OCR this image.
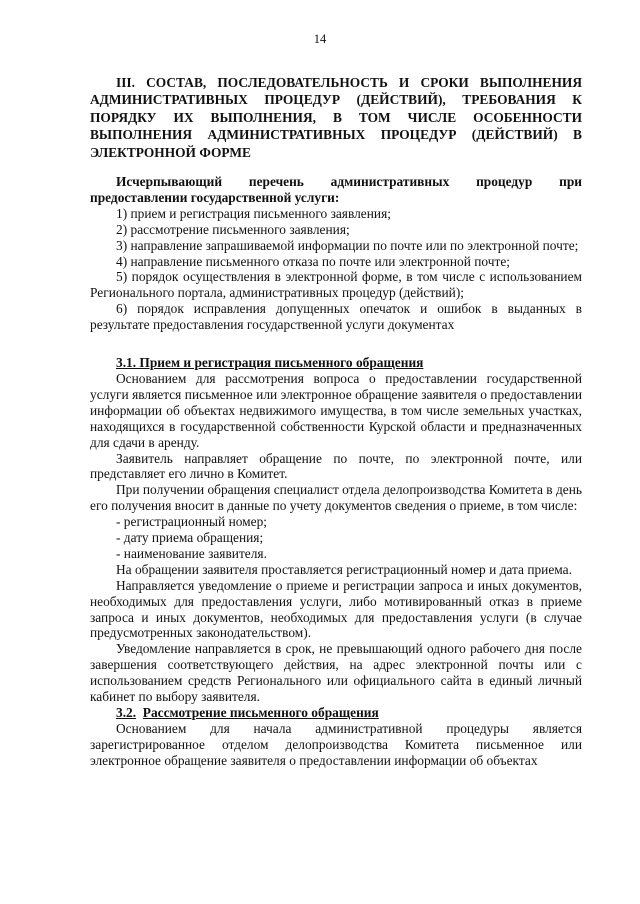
14
III. СОСТАВ, ПОСЛЕДОВАТЕЛЬНОСТЬ И СРОКИ ВЫПОЛНЕНИЯ АДМИНИСТРАТИВНЫХ ПРОЦЕДУР (ДЕЙСТВИЙ), ТРЕБОВАНИЯ К ПОРЯДКУ ИХ ВЫПОЛНЕНИЯ, В ТОМ ЧИСЛЕ ОСОБЕННОСТИ ВЫПОЛНЕНИЯ АДМИНИСТРАТИВНЫХ ПРОЦЕДУР (ДЕЙСТВИЙ) В ЭЛЕКТРОННОЙ ФОРМЕ

Исчерпывающий перечень административных процедур при предоставлении государственной услуги:

1) прием и регистрация письменного заявления;

2) рассмотрение письменного заявления;

3) направление запрашиваемой информации по почте или по электронной почте;

4) направление письменного отказа по почте или электронной почте;

5) порядок осуществления в электронной форме, в том числе с использованием Регионального портала, административных процедур (действий);

6) порядок исправления допущенных опечаток и ошибок в выданных в результате предоставления государственной услуги документах

3.1. Прием и регистрация письменного обращения

Основанием для рассмотрения вопроса о предоставлении государственной услуги является письменное или электронное обращение заявителя о предоставлении информации об объектах недвижимого имущества, в том числе земельных участках, находящихся в государственной собственности Курской области и предназначенных для сдачи в аренду.

Заявитель направляет обращение по почте, по электронной почте, или представляет его лично в Комитет.

При получении обращения специалист отдела делопроизводства Комитета в день его получения вносит в данные по учету документов сведения о приеме, в том числе:

- регистрационный номер;

- дату приема обращения;

- наименование заявителя.

На обращении заявителя проставляется регистрационный номер и дата приема.

Направляется уведомление о приеме и регистрации запроса и иных документов, необходимых для предоставления услуги, либо мотивированный отказ в приеме запроса и иных документов, необходимых для предоставления услуги (в случае предусмотренных законодательством).

Уведомление направляется в срок, не превышающий одного рабочего дня после завершения соответствующего действия, на адрес электронной почты или с использованием средств Регионального или официального сайта в единый личный кабинет по выбору заявителя.

3.2. Рассмотрение письменного обращения

Основанием для начала административной процедуры является зарегистрированное отделом делопроизводства Комитета письменное или электронное обращение заявителя о предоставлении информации об объектах
